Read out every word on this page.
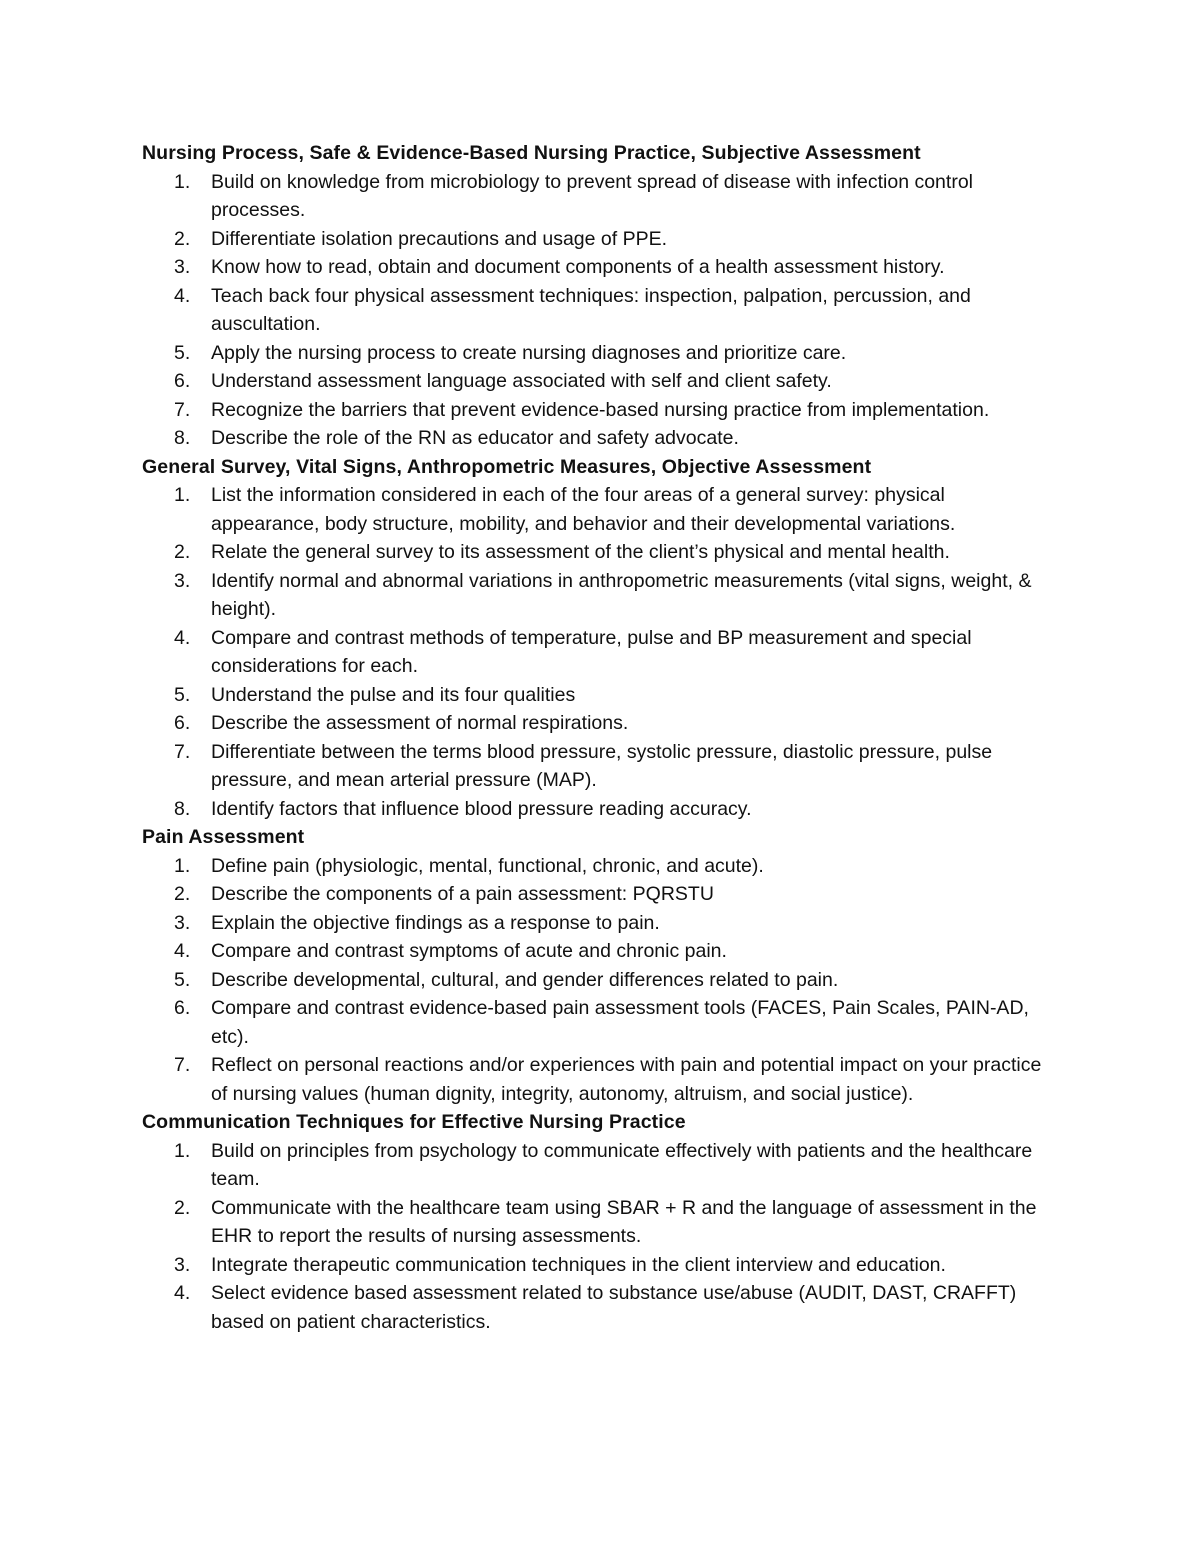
Nursing Process, Safe & Evidence-Based Nursing Practice, Subjective Assessment
1.	Build on knowledge from microbiology to prevent spread of disease with infection control processes.
2.	Differentiate isolation precautions and usage of PPE.
3.	Know how to read, obtain and document components of a health assessment history.
4.	Teach back four physical assessment techniques: inspection, palpation, percussion, and auscultation.
5.	Apply the nursing process to create nursing diagnoses and prioritize care.
6.	Understand assessment language associated with self and client safety.
7.	Recognize the barriers that prevent evidence-based nursing practice from implementation.
8.	Describe the role of the RN as educator and safety advocate.
General Survey, Vital Signs, Anthropometric Measures, Objective Assessment
1.	List the information considered in each of the four areas of a general survey: physical appearance, body structure, mobility, and behavior and their developmental variations.
2.	Relate the general survey to its assessment of the client’s physical and mental health.
3.	Identify normal and abnormal variations in anthropometric measurements (vital signs, weight, & height).
4.	Compare and contrast methods of temperature, pulse and BP measurement and special considerations for each.
5.	Understand the pulse and its four qualities
6.	Describe the assessment of normal respirations.
7.	Differentiate between the terms blood pressure, systolic pressure, diastolic pressure, pulse pressure, and mean arterial pressure (MAP).
8.	Identify factors that influence blood pressure reading accuracy.
Pain Assessment
1.	Define pain (physiologic, mental, functional, chronic, and acute).
2.	Describe the components of a pain assessment: PQRSTU
3.	Explain the objective findings as a response to pain.
4.	Compare and contrast symptoms of acute and chronic pain.
5.	Describe developmental, cultural, and gender differences related to pain.
6.	Compare and contrast evidence-based pain assessment tools (FACES, Pain Scales, PAIN-AD, etc).
7.	Reflect on personal reactions and/or experiences with pain and potential impact on your practice of nursing values (human dignity, integrity, autonomy, altruism, and social justice).
Communication Techniques for Effective Nursing Practice
1.	Build on principles from psychology to communicate effectively with patients and the healthcare team.
2.	Communicate with the healthcare team using SBAR + R and the language of assessment in the EHR to report the results of nursing assessments.
3.	Integrate therapeutic communication techniques in the client interview and education.
4.	Select evidence based assessment related to substance use/abuse (AUDIT, DAST, CRAFFT) based on patient characteristics.
